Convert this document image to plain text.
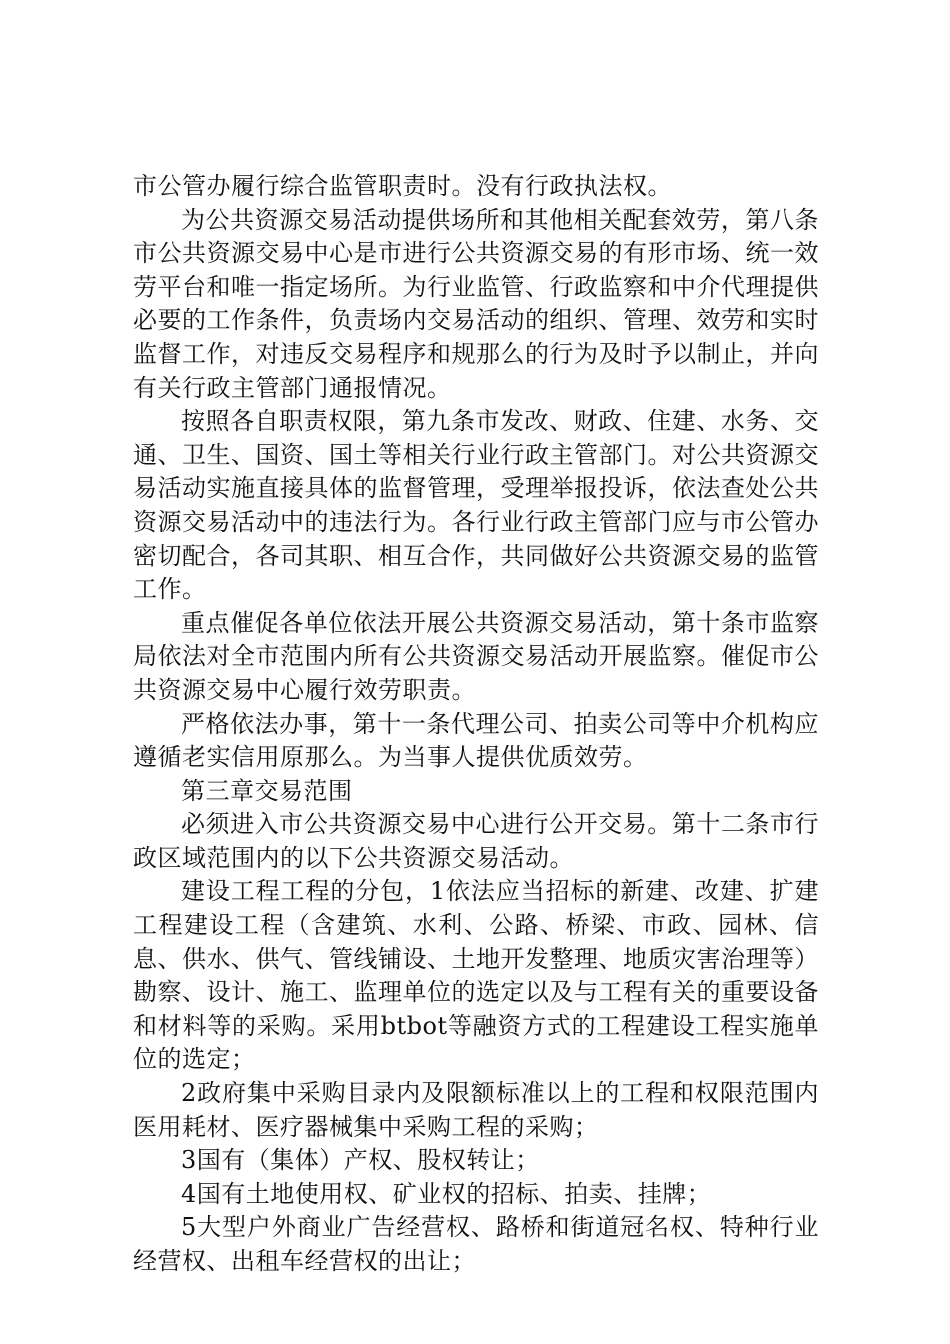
市公管办履行综合监管职责时。没有行政执法权。

为公共资源交易活动提供场所和其他相关配套效劳，第八条市公共资源交易中心是市进行公共资源交易的有形市场、统一效劳平台和唯一指定场所。为行业监管、行政监察和中介代理提供必要的工作条件，负责场内交易活动的组织、管理、效劳和实时监督工作，对违反交易程序和规那么的行为及时予以制止，并向有关行政主管部门通报情况。

按照各自职责权限，第九条市发改、财政、住建、水务、交通、卫生、国资、国土等相关行业行政主管部门。对公共资源交易活动实施直接具体的监督管理，受理举报投诉，依法查处公共资源交易活动中的违法行为。各行业行政主管部门应与市公管办密切配合，各司其职、相互合作，共同做好公共资源交易的监管工作。

重点催促各单位依法开展公共资源交易活动，第十条市监察局依法对全市范围内所有公共资源交易活动开展监察。催促市公共资源交易中心履行效劳职责。

严格依法办事，第十一条代理公司、拍卖公司等中介机构应遵循老实信用原那么。为当事人提供优质效劳。

第三章交易范围

必须进入市公共资源交易中心进行公开交易。第十二条市行政区域范围内的以下公共资源交易活动。

建设工程工程的分包，1依法应当招标的新建、改建、扩建工程建设工程（含建筑、水利、公路、桥梁、市政、园林、信息、供水、供气、管线铺设、土地开发整理、地质灾害治理等）勘察、设计、施工、监理单位的选定以及与工程有关的重要设备和材料等的采购。采用btbot等融资方式的工程建设工程实施单位的选定；

2政府集中采购目录内及限额标准以上的工程和权限范围内医用耗材、医疗器械集中采购工程的采购；

3国有（集体）产权、股权转让；

4国有土地使用权、矿业权的招标、拍卖、挂牌；

5大型户外商业广告经营权、路桥和街道冠名权、特种行业经营权、出租车经营权的出让；
